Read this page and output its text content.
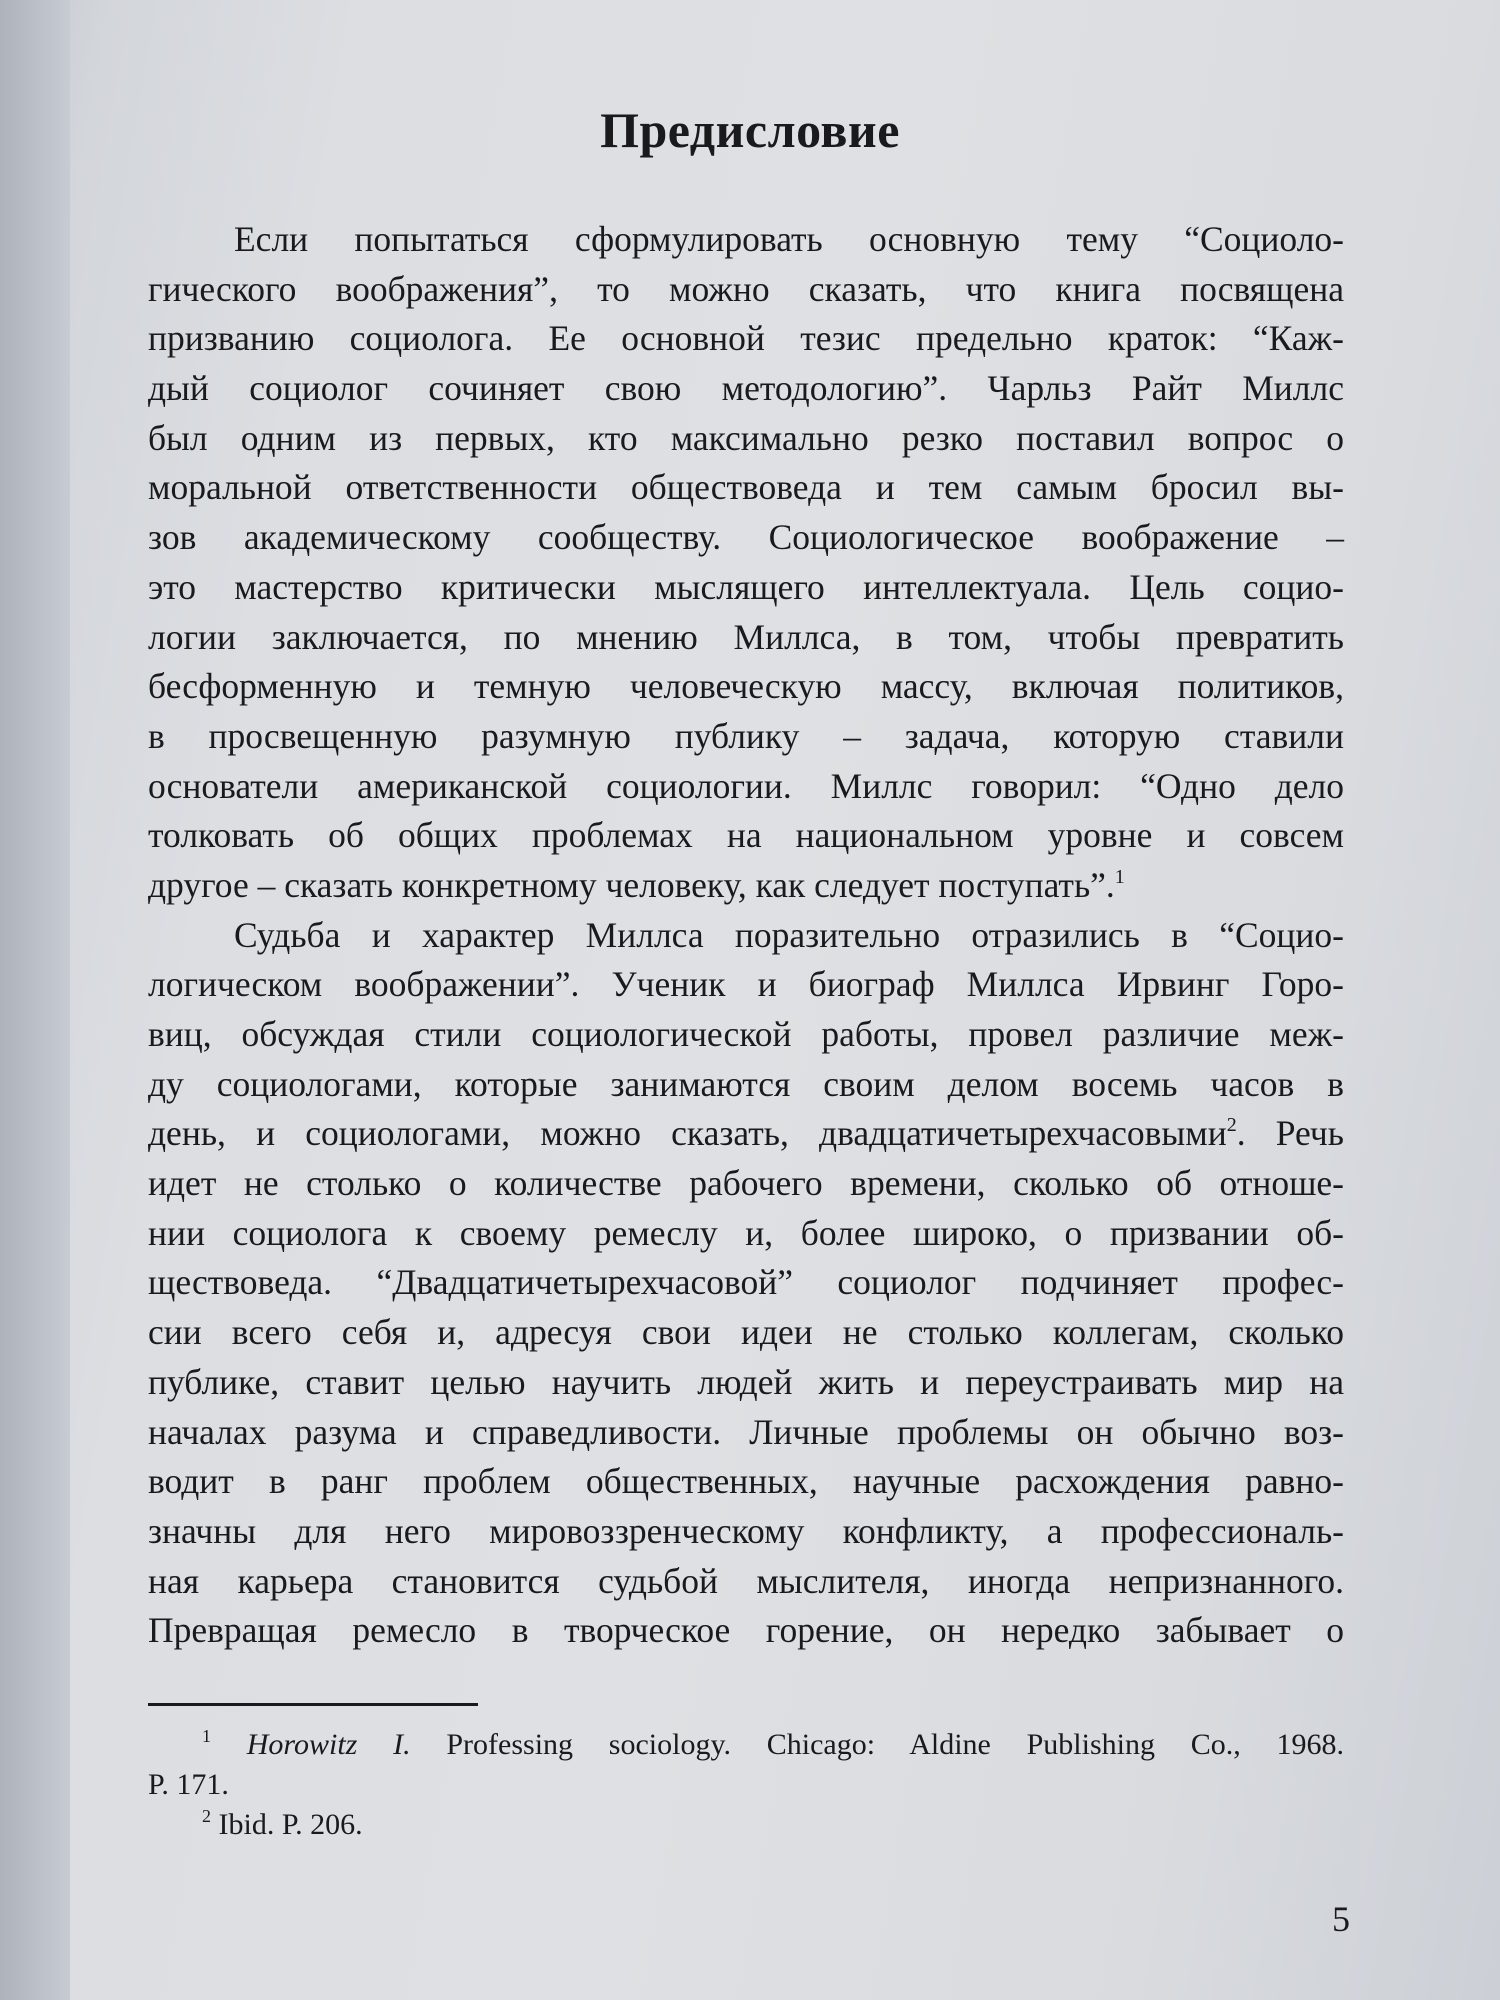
Предисловие
Если попытаться сформулировать основную тему “Социоло-
гического воображения”, то можно сказать, что книга посвящена
призванию социолога. Ее основной тезис предельно краток: “Каж-
дый социолог сочиняет свою методологию”. Чарльз Райт Миллс
был одним из первых, кто максимально резко поставил вопрос о
моральной ответственности обществоведа и тем самым бросил вы-
зов академическому сообществу. Социологическое воображение –
это мастерство критически мыслящего интеллектуала. Цель социо-
логии заключается, по мнению Миллса, в том, чтобы превратить
бесформенную и темную человеческую массу, включая политиков,
в просвещенную разумную публику – задача, которую ставили
основатели американской социологии. Миллс говорил: “Одно дело
толковать об общих проблемах на национальном уровне и совсем
другое – сказать конкретному человеку, как следует поступать”.$^1$
Судьба и характер Миллса поразительно отразились в “Социо-
логическом воображении”. Ученик и биограф Миллса Ирвинг Горо-
виц, обсуждая стили социологической работы, провел различие меж-
ду социологами, которые занимаются своим делом восемь часов в
день, и социологами, можно сказать, двадцатичетырехчасовыми$^2$. Речь
идет не столько о количестве рабочего времени, сколько об отноше-
нии социолога к своему ремеслу и, более широко, о призвании об-
ществоведа. “Двадцатичетырехчасовой” социолог подчиняет профес-
сии всего себя и, адресуя свои идеи не столько коллегам, сколько
публике, ставит целью научить людей жить и переустраивать мир на
началах разума и справедливости. Личные проблемы он обычно воз-
водит в ранг проблем общественных, научные расхождения равно-
значны для него мировоззренческому конфликту, а профессиональ-
ная карьера становится судьбой мыслителя, иногда непризнанного.
Превращая ремесло в творческое горение, он нередко забывает о
$^1$ Horowitz I. Professing sociology. Chicago: Aldine Publishing Co., 1968.
P. 171.
$^2$ Ibid. P. 206.
5
